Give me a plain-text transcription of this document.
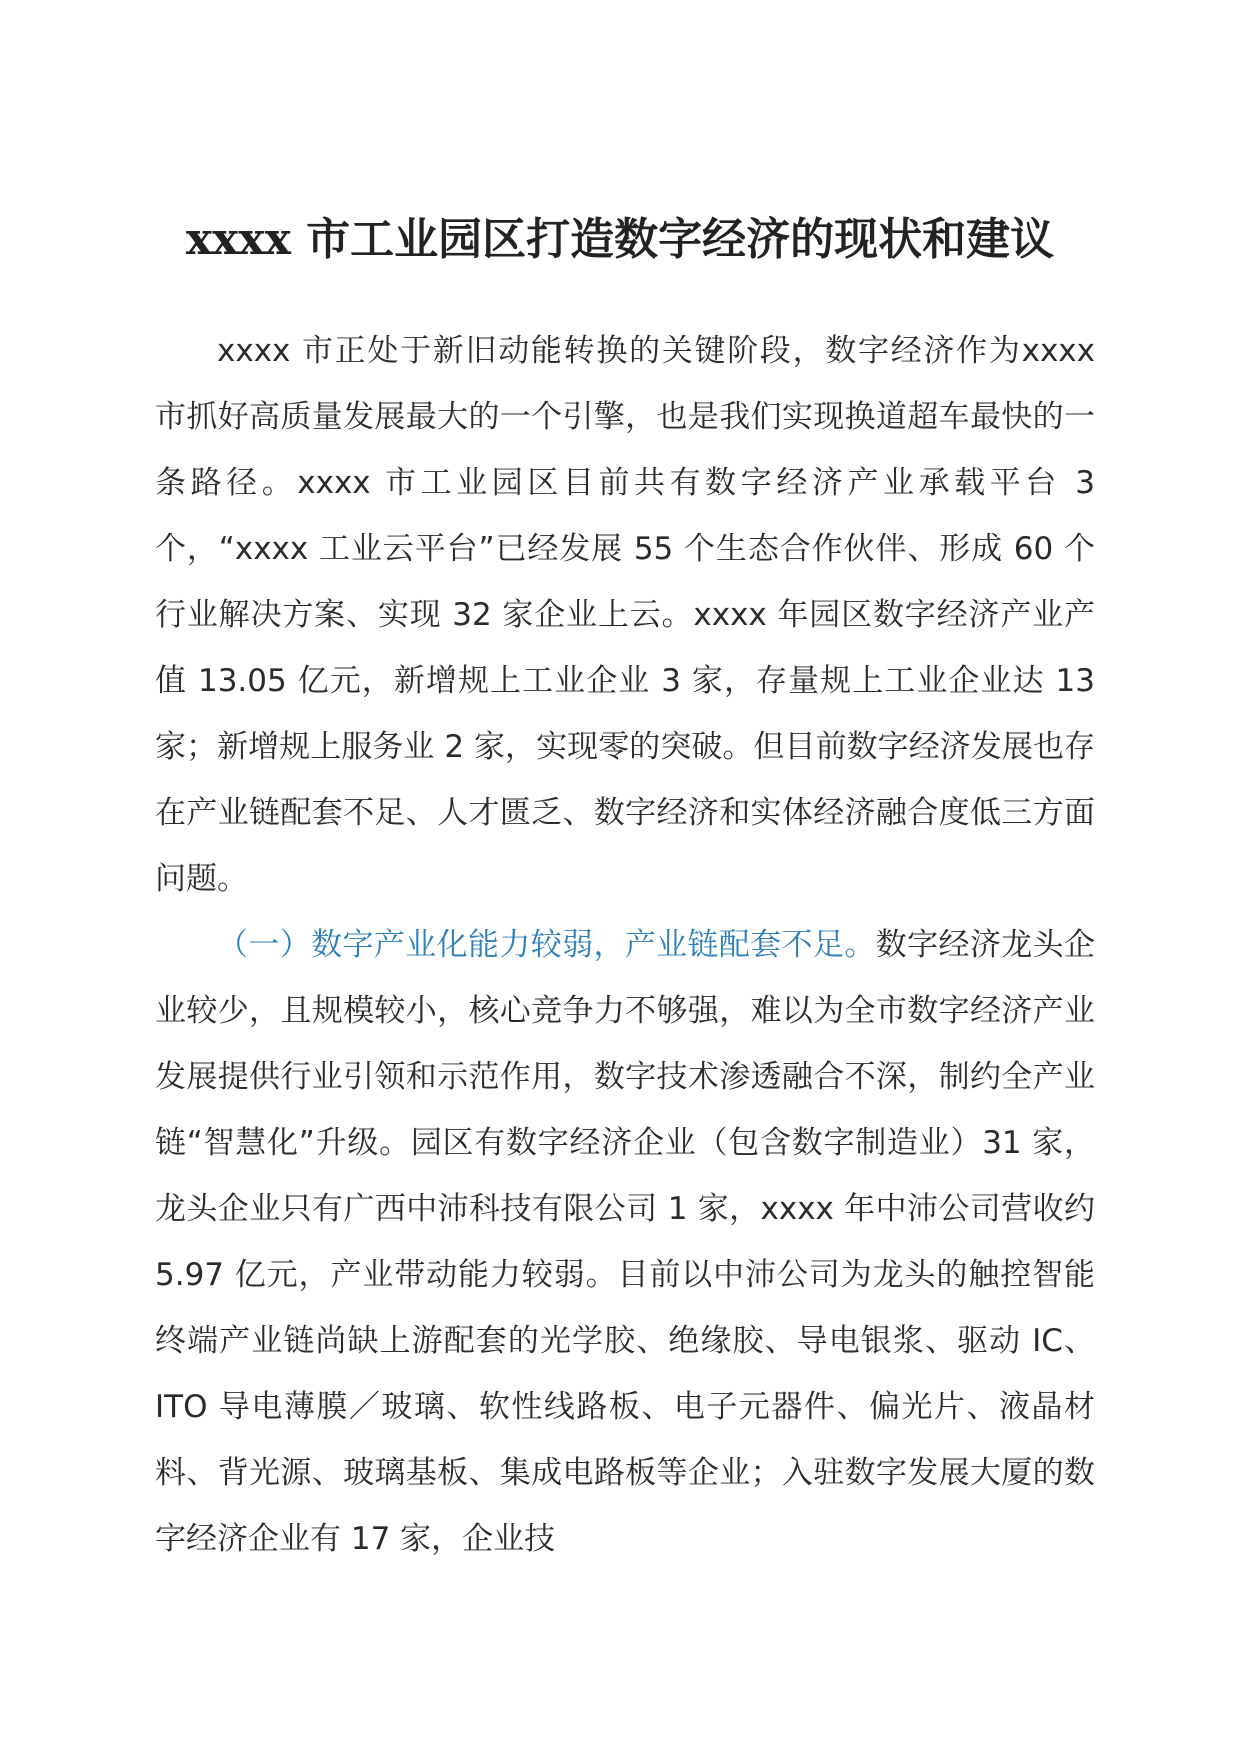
xxxx 市工业园区打造数字经济的现状和建议

xxxx 市正处于新旧动能转换的关键阶段，数字经济作为xxxx 市抓好高质量发展最大的一个引擎，也是我们实现换道超车最快的一条路径。xxxx 市工业园区目前共有数字经济产业承载平台 3 个，“xxxx 工业云平台”已经发展 55 个生态合作伙伴、形成 60 个行业解决方案、实现 32 家企业上云。xxxx 年园区数字经济产业产值 13.05 亿元，新增规上工业企业 3 家，存量规上工业企业达 13 家；新增规上服务业 2 家，实现零的突破。但目前数字经济发展也存在产业链配套不足、人才匮乏、数字经济和实体经济融合度低三方面问题。

（一）数字产业化能力较弱，产业链配套不足。数字经济龙头企业较少，且规模较小，核心竞争力不够强，难以为全市数字经济产业发展提供行业引领和示范作用，数字技术渗透融合不深，制约全产业链“智慧化”升级。园区有数字经济企业（包含数字制造业）31 家，龙头企业只有广西中沛科技有限公司 1 家，xxxx 年中沛公司营收约 5.97 亿元，产业带动能力较弱。目前以中沛公司为龙头的触控智能终端产业链尚缺上游配套的光学胶、绝缘胶、导电银浆、驱动 IC、ITO 导电薄膜／玻璃、软性线路板、电子元器件、偏光片、液晶材料、背光源、玻璃基板、集成电路板等企业；入驻数字发展大厦的数字经济企业有 17 家，企业技
